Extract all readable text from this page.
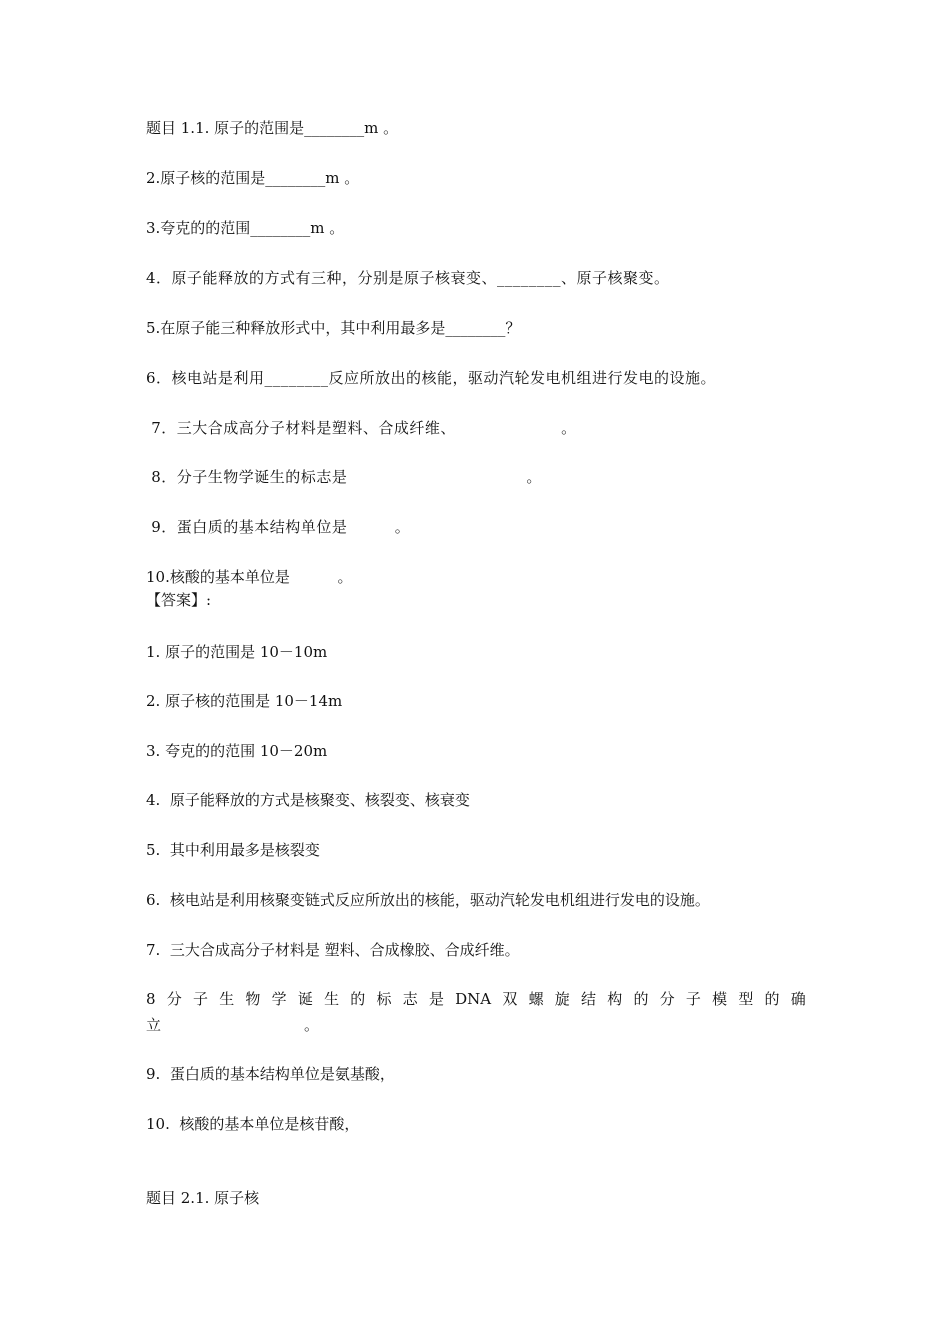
题目 1.1. 原子的范围是________m 。
2.原子核的范围是________m 。
3.夸克的的范围________m 。
4．原子能释放的方式有三种，分别是原子核衰变、________、原子核聚变。
5.在原子能三种释放形式中，其中利用最多是________？
6．核电站是利用________反应所放出的核能，驱动汽轮发电机组进行发电的设施。
7．三大合成高分子材料是塑料、合成纤维、                    。
8．分子生物学诞生的标志是                                  。
9．蛋白质的基本结构单位是         。
10.核酸的基本单位是          。
【答案】:
1. 原子的范围是 10－10m
2. 原子核的范围是 10－14m
3. 夸克的的范围 10－20m
4.  原子能释放的方式是核聚变、核裂变、核衰变
5.  其中利用最多是核裂变
6.  核电站是利用核聚变链式反应所放出的核能，驱动汽轮发电机组进行发电的设施。
7.  三大合成高分子材料是 塑料、合成橡胶、合成纤维。
8 分 子 生 物 学 诞 生 的 标 志 是 DNA 双 螺 旋 结 构 的 分 子 模 型 的 确
立                              。
9.  蛋白质的基本结构单位是氨基酸，
10.  核酸的基本单位是核苷酸，
题目 2.1. 原子核
